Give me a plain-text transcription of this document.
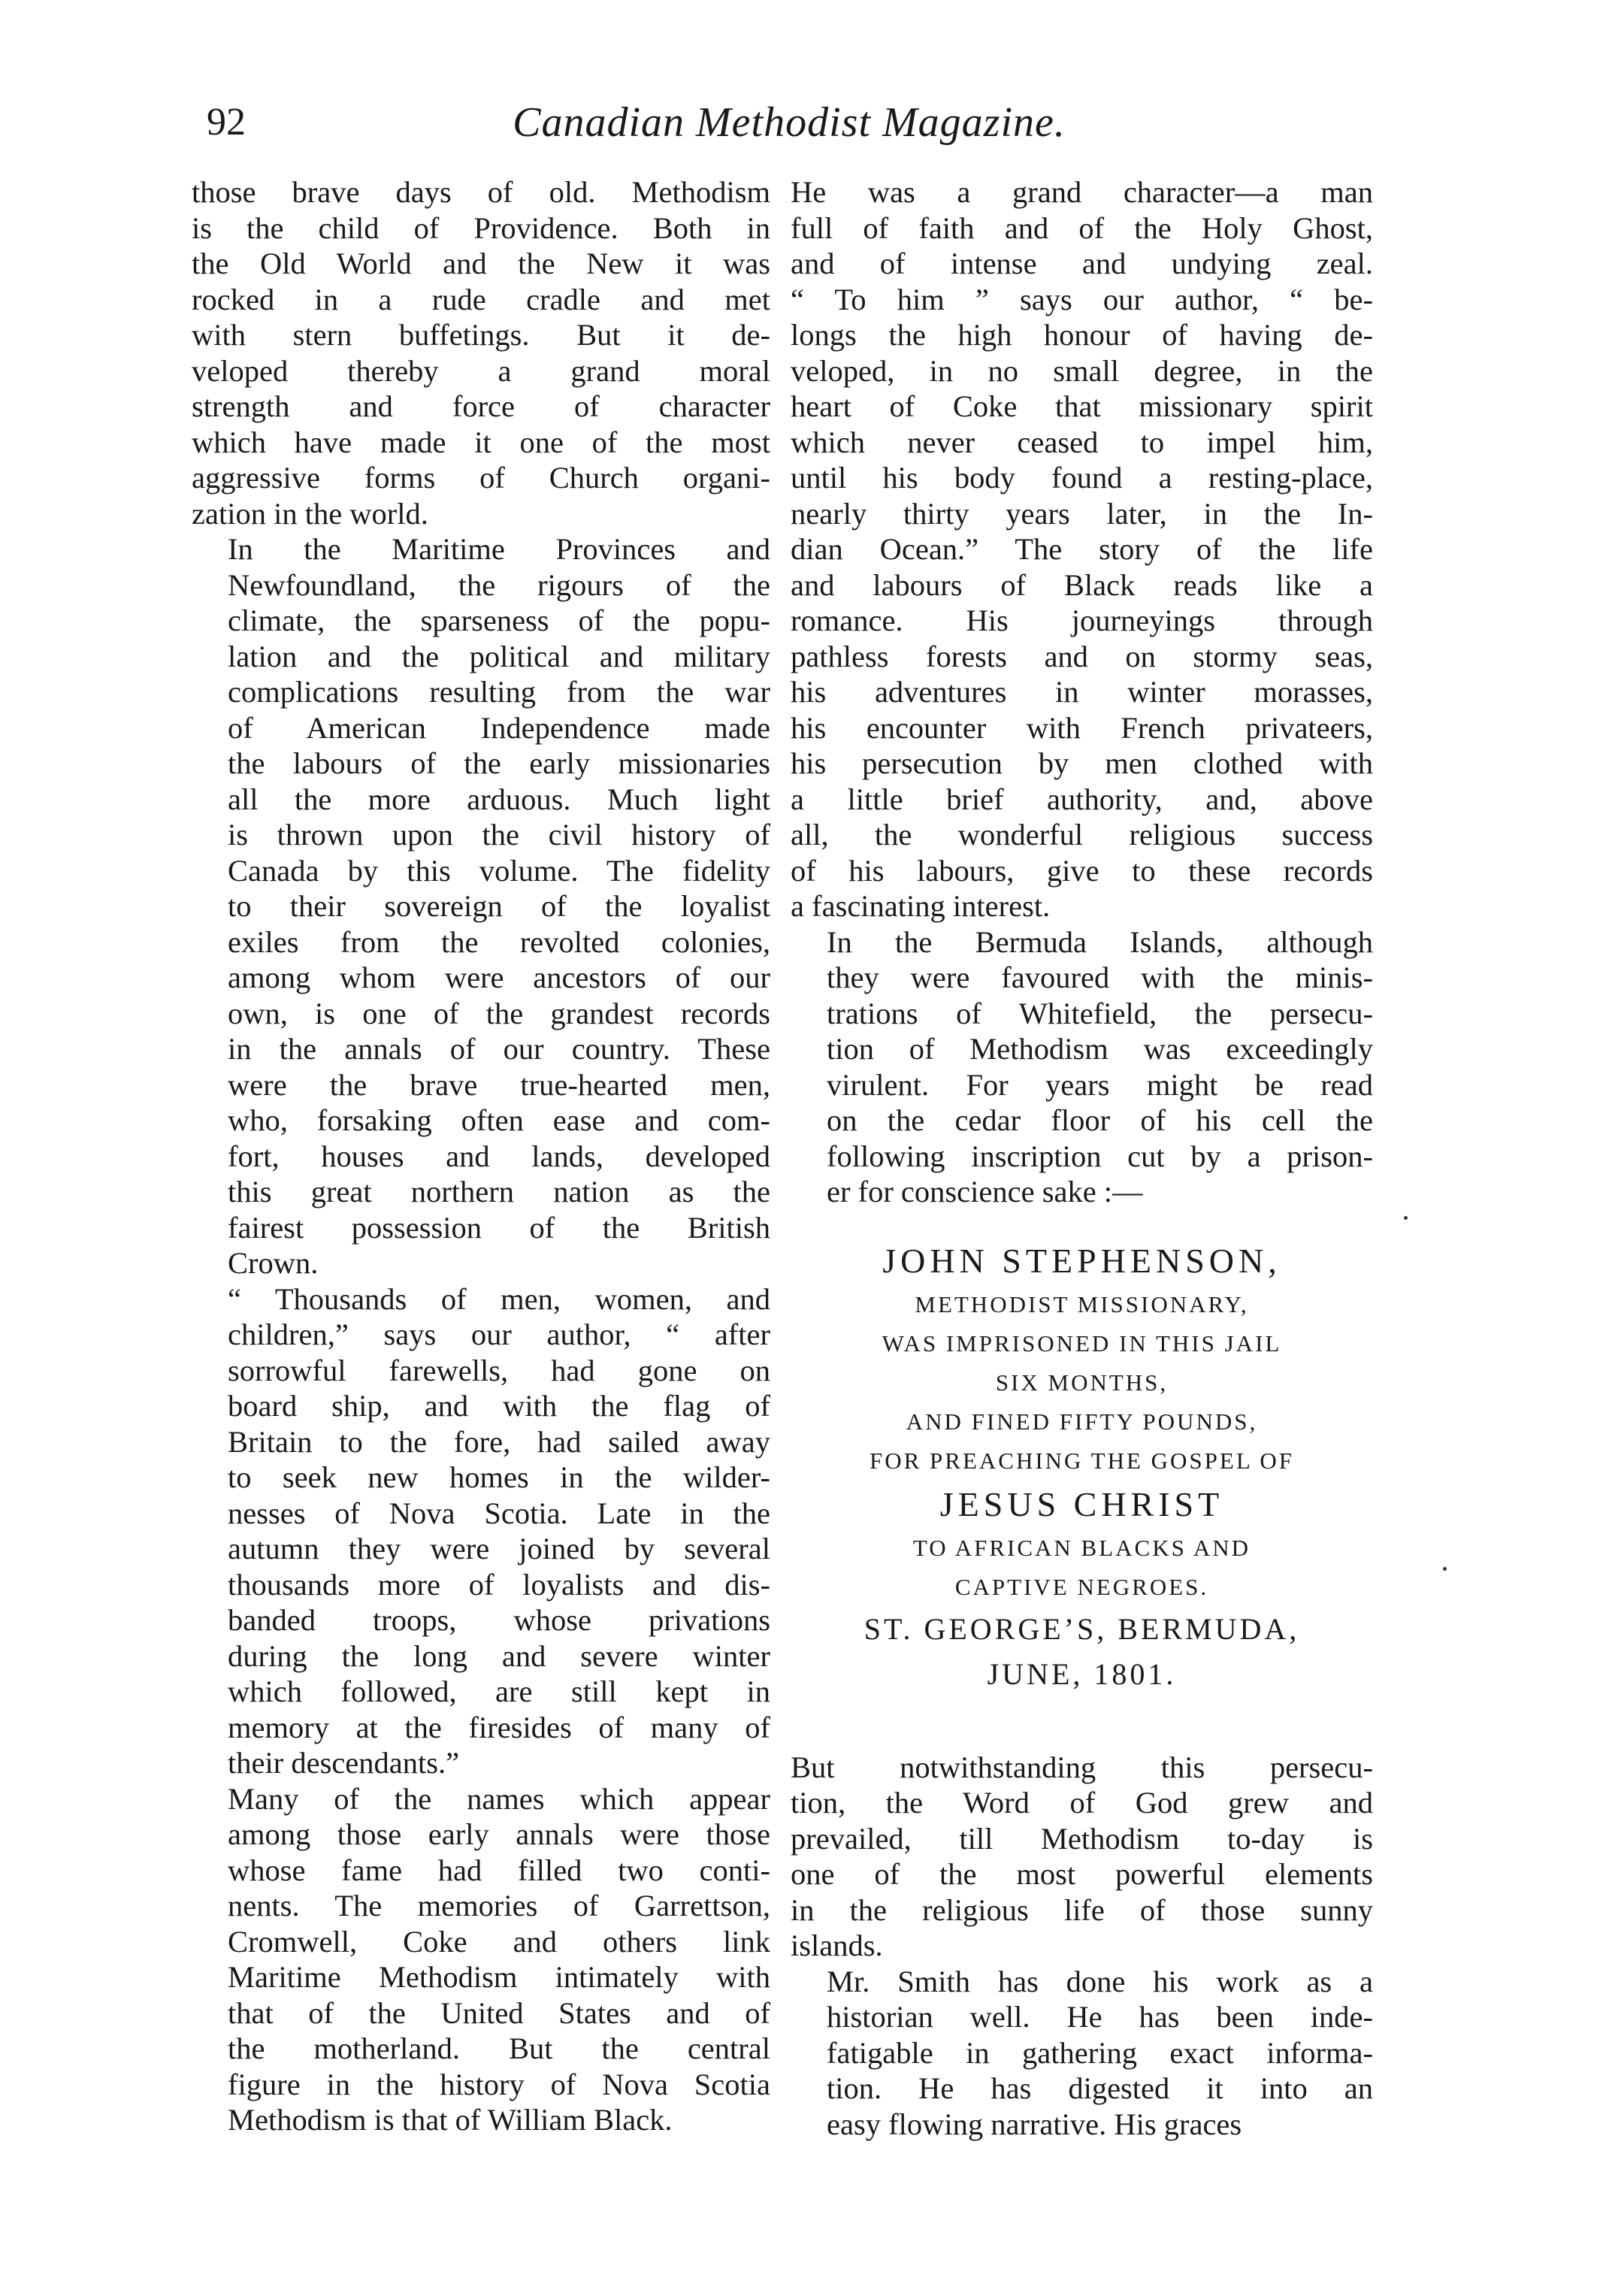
92	Canadian Methodist Magazine.

those brave days of old. Methodism
is the child of Providence. Both in
the Old World and the New it was
rocked in a rude cradle and met
with stern buffetings. But it de-
veloped thereby a grand moral
strength and force of character
which have made it one of the most
aggressive forms of Church organi-
zation in the world.

In the Maritime Provinces and
Newfoundland, the rigours of the
climate, the sparseness of the popu-
lation and the political and military
complications resulting from the war
of American Independence made
the labours of the early missionaries
all the more arduous. Much light
is thrown upon the civil history of
Canada by this volume. The fidelity
to their sovereign of the loyalist
exiles from the revolted colonies,
among whom were ancestors of our
own, is one of the grandest records
in the annals of our country. These
were the brave true-hearted men,
who, forsaking often ease and com-
fort, houses and lands, developed
this great northern nation as the
fairest possession of the British
Crown.

“ Thousands of men, women, and
children,” says our author, “ after
sorrowful farewells, had gone on
board ship, and with the flag of
Britain to the fore, had sailed away
to seek new homes in the wilder-
nesses of Nova Scotia. Late in the
autumn they were joined by several
thousands more of loyalists and dis-
banded troops, whose privations
during the long and severe winter
which followed, are still kept in
memory at the firesides of many of
their descendants.”

Many of the names which appear
among those early annals were those
whose fame had filled two conti-
nents. The memories of Garrettson,
Cromwell, Coke and others link
Maritime Methodism intimately with
that of the United States and of
the motherland. But the central
figure in the history of Nova Scotia
Methodism is that of William Black.

He was a grand character—a man
full of faith and of the Holy Ghost,
and of intense and undying zeal.
“ To him ” says our author, “ be-
longs the high honour of having de-
veloped, in no small degree, in the
heart of Coke that missionary spirit
which never ceased to impel him,
until his body found a resting-place,
nearly thirty years later, in the In-
dian Ocean.” The story of the life
and labours of Black reads like a
romance. His journeyings through
pathless forests and on stormy seas,
his adventures in winter morasses,
his encounter with French privateers,
his persecution by men clothed with
a little brief authority, and, above
all, the wonderful religious success
of his labours, give to these records
a fascinating interest.

In the Bermuda Islands, although
they were favoured with the minis-
trations of Whitefield, the persecu-
tion of Methodism was exceedingly
virulent. For years might be read
on the cedar floor of his cell the
following inscription cut by a prison-
er for conscience sake :—

JOHN STEPHENSON,
METHODIST MISSIONARY,
WAS IMPRISONED IN THIS JAIL
SIX MONTHS,
AND FINED FIFTY POUNDS,
FOR PREACHING THE GOSPEL OF
JESUS CHRIST
TO AFRICAN BLACKS AND
CAPTIVE NEGROES.
ST. GEORGE’S, BERMUDA,
JUNE, 1801.

But notwithstanding this persecu-
tion, the Word of God grew and
prevailed, till Methodism to-day is
one of the most powerful elements
in the religious life of those sunny
islands.

Mr. Smith has done his work as a
historian well. He has been inde-
fatigable in gathering exact informa-
tion. He has digested it into an
easy flowing narrative. His graces
